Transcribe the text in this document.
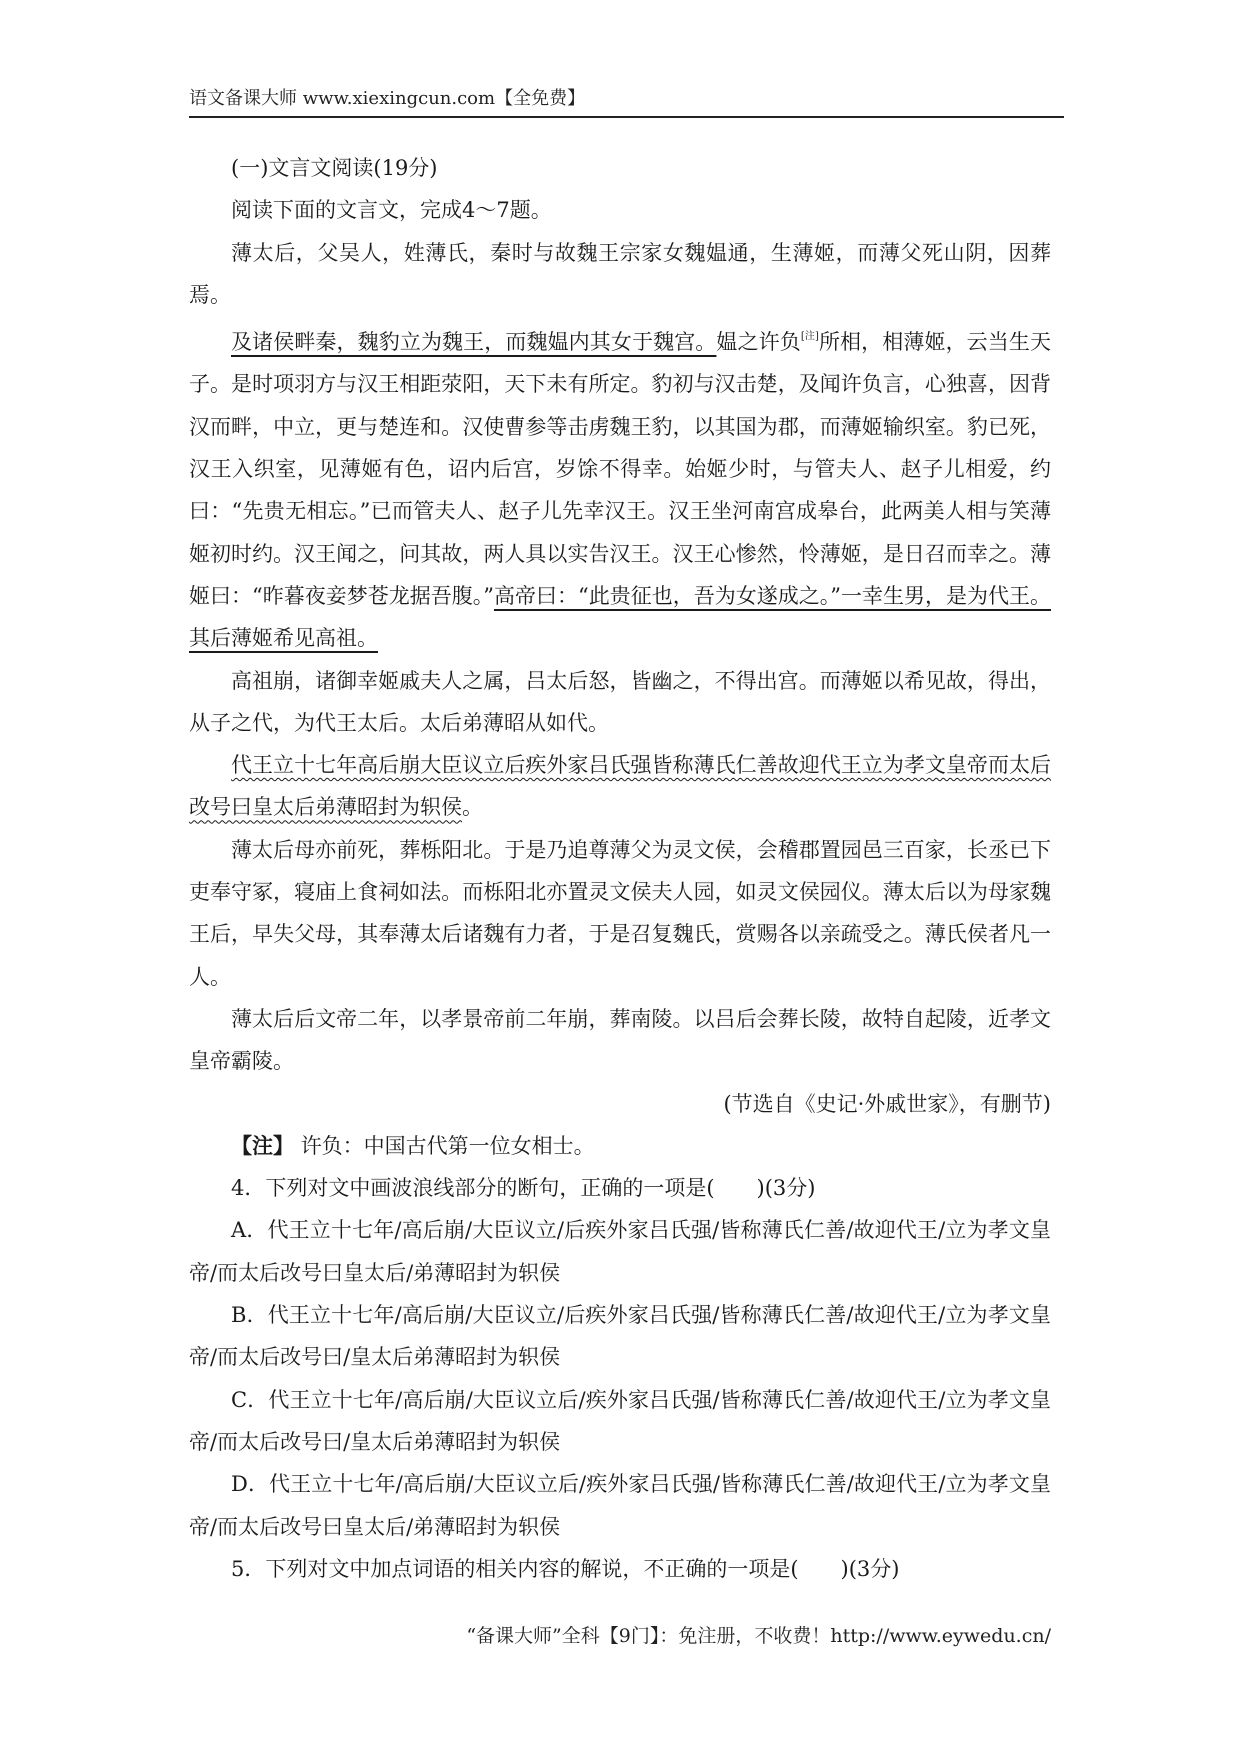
语文备课大师 www.xiexingcun.com【全免费】

(一)文言文阅读(19分)

阅读下面的文言文，完成4～7题。

薄太后，父吴人，姓薄氏，秦时与故魏王宗家女魏媪通，生薄姬，而薄父死山阴，因葬焉。

及诸侯畔秦，魏豹立为魏王，而魏媪内其女于魏宫。媪之许负[注]所相，相薄姬，云当生天子。是时项羽方与汉王相距荥阳，天下未有所定。豹初与汉击楚，及闻许负言，心独喜，因背汉而畔，中立，更与楚连和。汉使曹参等击虏魏王豹，以其国为郡，而薄姬输织室。豹已死，汉王入织室，见薄姬有色，诏内后宫，岁馀不得幸。始姬少时，与管夫人、赵子儿相爱，约曰：“先贵无相忘。”已而管夫人、赵子儿先幸汉王。汉王坐河南宫成皋台，此两美人相与笑薄姬初时约。汉王闻之，问其故，两人具以实告汉王。汉王心惨然，怜薄姬，是日召而幸之。薄姬曰：“昨暮夜妾梦苍龙据吾腹。”高帝曰：“此贵征也，吾为女遂成之。”一幸生男，是为代王。其后薄姬希见高祖。

高祖崩，诸御幸姬戚夫人之属，吕太后怒，皆幽之，不得出宫。而薄姬以希见故，得出，从子之代，为代王太后。太后弟薄昭从如代。

代王立十七年高后崩大臣议立后疾外家吕氏强皆称薄氏仁善故迎代王立为孝文皇帝而太后改号曰皇太后弟薄昭封为轵侯。

薄太后母亦前死，葬栎阳北。于是乃追尊薄父为灵文侯，会稽郡置园邑三百家，长丞已下吏奉守冢，寝庙上食祠如法。而栎阳北亦置灵文侯夫人园，如灵文侯园仪。薄太后以为母家魏王后，早失父母，其奉薄太后诸魏有力者，于是召复魏氏，赏赐各以亲疏受之。薄氏侯者凡一人。

薄太后后文帝二年，以孝景帝前二年崩，葬南陵。以吕后会葬长陵，故特自起陵，近孝文皇帝霸陵。

(节选自《史记·外戚世家》，有删节)

【注】 许负：中国古代第一位女相士。

4．下列对文中画波浪线部分的断句，正确的一项是(　　)(3分)

A．代王立十七年/高后崩/大臣议立/后疾外家吕氏强/皆称薄氏仁善/故迎代王/立为孝文皇帝/而太后改号曰皇太后/弟薄昭封为轵侯

B．代王立十七年/高后崩/大臣议立/后疾外家吕氏强/皆称薄氏仁善/故迎代王/立为孝文皇帝/而太后改号曰/皇太后弟薄昭封为轵侯

C．代王立十七年/高后崩/大臣议立后/疾外家吕氏强/皆称薄氏仁善/故迎代王/立为孝文皇帝/而太后改号曰/皇太后弟薄昭封为轵侯

D．代王立十七年/高后崩/大臣议立后/疾外家吕氏强/皆称薄氏仁善/故迎代王/立为孝文皇帝/而太后改号曰皇太后/弟薄昭封为轵侯

5．下列对文中加点词语的相关内容的解说，不正确的一项是(　　)(3分)

“备课大师”全科【9门】：免注册，不收费！http://www.eywedu.cn/
